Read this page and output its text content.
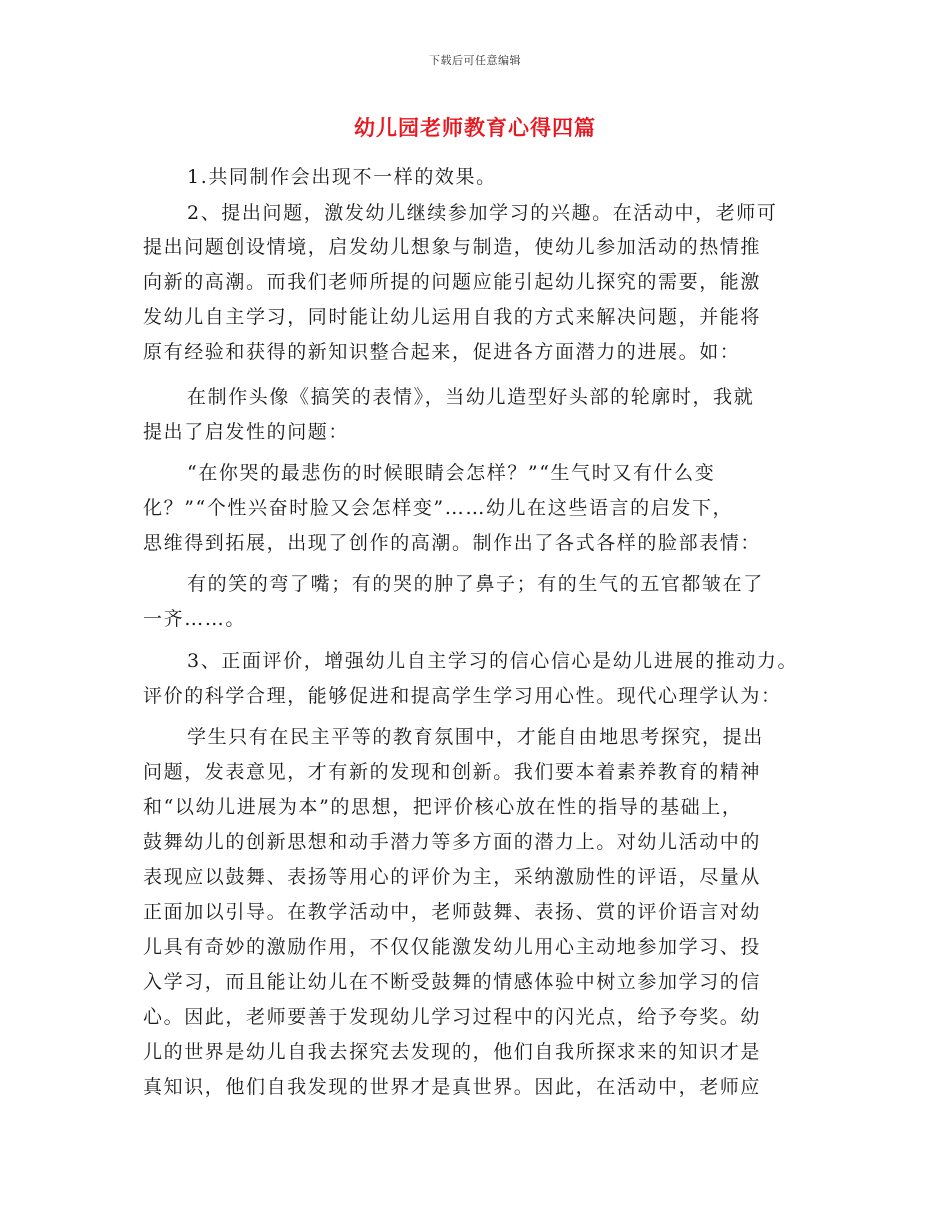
下载后可任意编辑
幼儿园老师教育心得四篇
1.共同制作会出现不一样的效果。
2、提出问题，激发幼儿继续参加学习的兴趣。在活动中，老师可
提出问题创设情境，启发幼儿想象与制造，使幼儿参加活动的热情推
向新的高潮。而我们老师所提的问题应能引起幼儿探究的需要，能激
发幼儿自主学习，同时能让幼儿运用自我的方式来解决问题，并能将
原有经验和获得的新知识整合起来，促进各方面潜力的进展。如：
在制作头像《搞笑的表情》，当幼儿造型好头部的轮廓时，我就
提出了启发性的问题：
“在你哭的最悲伤的时候眼睛会怎样？”“生气时又有什么变
化？”“个性兴奋时脸又会怎样变”……幼儿在这些语言的启发下，
思维得到拓展，出现了创作的高潮。制作出了各式各样的脸部表情：
有的笑的弯了嘴；有的哭的肿了鼻子；有的生气的五官都皱在了
一齐……。
3、正面评价，增强幼儿自主学习的信心信心是幼儿进展的推动力。
评价的科学合理，能够促进和提高学生学习用心性。现代心理学认为：
学生只有在民主平等的教育氛围中，才能自由地思考探究，提出
问题，发表意见，才有新的发现和创新。我们要本着素养教育的精神
和“以幼儿进展为本”的思想，把评价核心放在性的指导的基础上，
鼓舞幼儿的创新思想和动手潜力等多方面的潜力上。对幼儿活动中的
表现应以鼓舞、表扬等用心的评价为主，采纳激励性的评语，尽量从
正面加以引导。在教学活动中，老师鼓舞、表扬、赏的评价语言对幼
儿具有奇妙的激励作用，不仅仅能激发幼儿用心主动地参加学习、投
入学习，而且能让幼儿在不断受鼓舞的情感体验中树立参加学习的信
心。因此，老师要善于发现幼儿学习过程中的闪光点，给予夸奖。幼
儿的世界是幼儿自我去探究去发现的，他们自我所探求来的知识才是
真知识，他们自我发现的世界才是真世界。因此，在活动中，老师应
